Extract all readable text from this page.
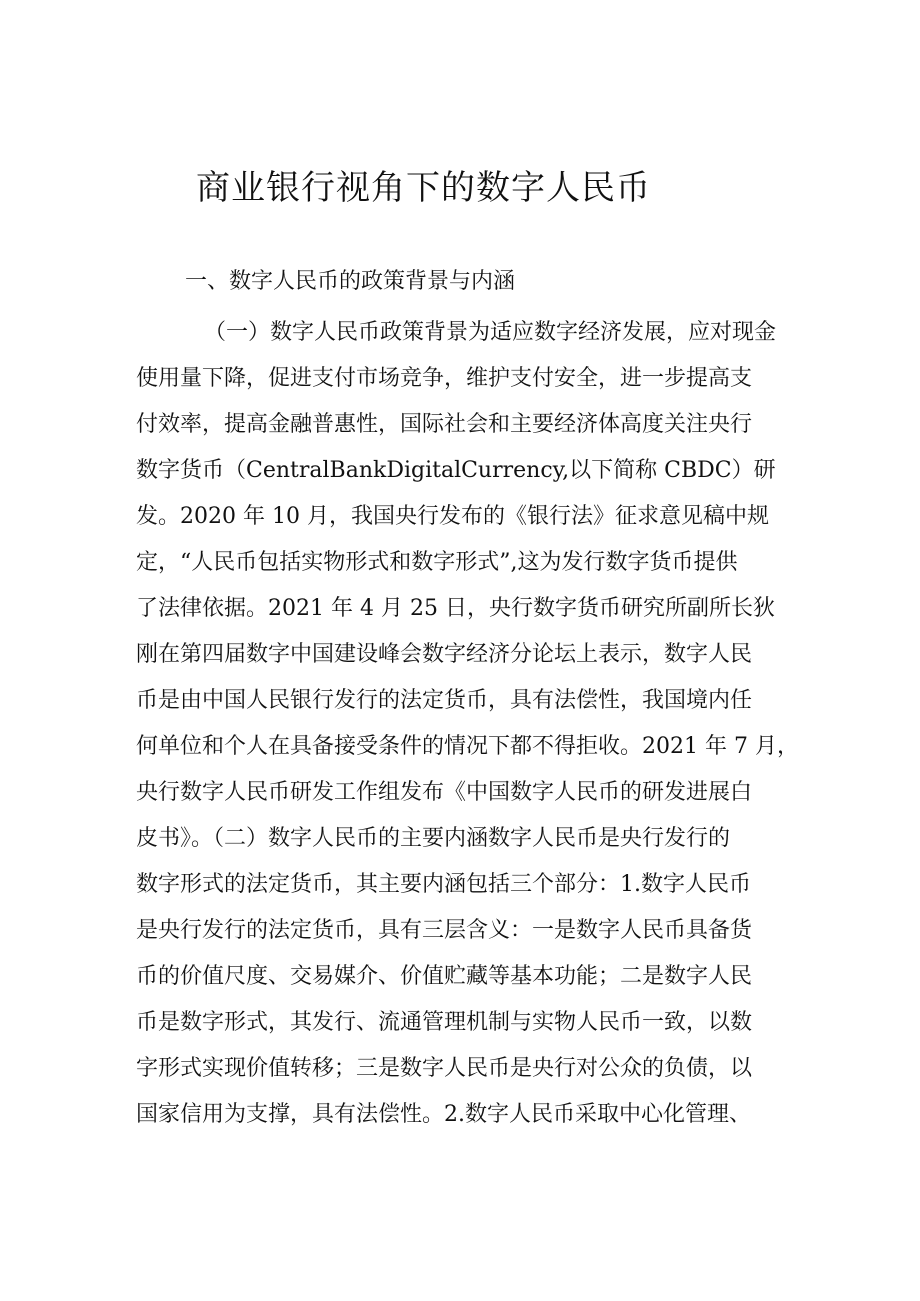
商业银行视角下的数字人民币
一、数字人民币的政策背景与内涵
（一）数字人民币政策背景为适应数字经济发展，应对现金
使用量下降，促进支付市场竞争，维护支付安全，进一步提高支
付效率，提高金融普惠性，国际社会和主要经济体高度关注央行
数字货币（CentralBankDigitalCurrency,以下简称 CBDC）研
发。2020 年 10 月，我国央行发布的《银行法》征求意见稿中规
定，“人民币包括实物形式和数字形式”,这为发行数字货币提供
了法律依据。2021 年 4 月 25 日，央行数字货币研究所副所长狄
刚在第四届数字中国建设峰会数字经济分论坛上表示，数字人民
币是由中国人民银行发行的法定货币，具有法偿性，我国境内任
何单位和个人在具备接受条件的情况下都不得拒收。2021 年 7 月，
央行数字人民币研发工作组发布《中国数字人民币的研发进展白
皮书》。（二）数字人民币的主要内涵数字人民币是央行发行的
数字形式的法定货币，其主要内涵包括三个部分：1.数字人民币
是央行发行的法定货币，具有三层含义：一是数字人民币具备货
币的价值尺度、交易媒介、价值贮藏等基本功能；二是数字人民
币是数字形式，其发行、流通管理机制与实物人民币一致，以数
字形式实现价值转移；三是数字人民币是央行对公众的负债，以
国家信用为支撑，具有法偿性。2.数字人民币采取中心化管理、
